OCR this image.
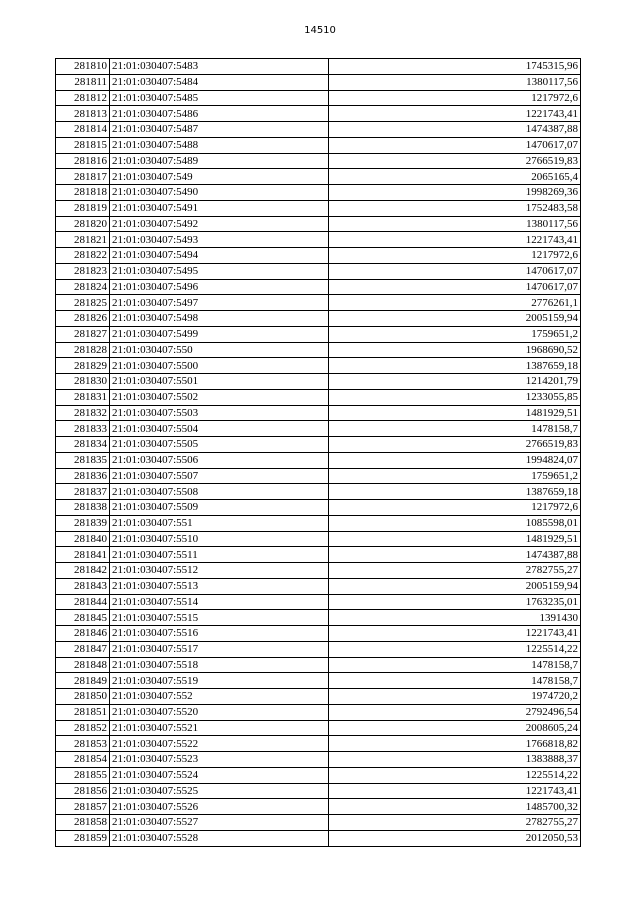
14510
281810	21:01:030407:5483	1745315,96
281811	21:01:030407:5484	1380117,56
281812	21:01:030407:5485	1217972,6
281813	21:01:030407:5486	1221743,41
281814	21:01:030407:5487	1474387,88
281815	21:01:030407:5488	1470617,07
281816	21:01:030407:5489	2766519,83
281817	21:01:030407:549	2065165,4
281818	21:01:030407:5490	1998269,36
281819	21:01:030407:5491	1752483,58
281820	21:01:030407:5492	1380117,56
281821	21:01:030407:5493	1221743,41
281822	21:01:030407:5494	1217972,6
281823	21:01:030407:5495	1470617,07
281824	21:01:030407:5496	1470617,07
281825	21:01:030407:5497	2776261,1
281826	21:01:030407:5498	2005159,94
281827	21:01:030407:5499	1759651,2
281828	21:01:030407:550	1968690,52
281829	21:01:030407:5500	1387659,18
281830	21:01:030407:5501	1214201,79
281831	21:01:030407:5502	1233055,85
281832	21:01:030407:5503	1481929,51
281833	21:01:030407:5504	1478158,7
281834	21:01:030407:5505	2766519,83
281835	21:01:030407:5506	1994824,07
281836	21:01:030407:5507	1759651,2
281837	21:01:030407:5508	1387659,18
281838	21:01:030407:5509	1217972,6
281839	21:01:030407:551	1085598,01
281840	21:01:030407:5510	1481929,51
281841	21:01:030407:5511	1474387,88
281842	21:01:030407:5512	2782755,27
281843	21:01:030407:5513	2005159,94
281844	21:01:030407:5514	1763235,01
281845	21:01:030407:5515	1391430
281846	21:01:030407:5516	1221743,41
281847	21:01:030407:5517	1225514,22
281848	21:01:030407:5518	1478158,7
281849	21:01:030407:5519	1478158,7
281850	21:01:030407:552	1974720,2
281851	21:01:030407:5520	2792496,54
281852	21:01:030407:5521	2008605,24
281853	21:01:030407:5522	1766818,82
281854	21:01:030407:5523	1383888,37
281855	21:01:030407:5524	1225514,22
281856	21:01:030407:5525	1221743,41
281857	21:01:030407:5526	1485700,32
281858	21:01:030407:5527	2782755,27
281859	21:01:030407:5528	2012050,53
